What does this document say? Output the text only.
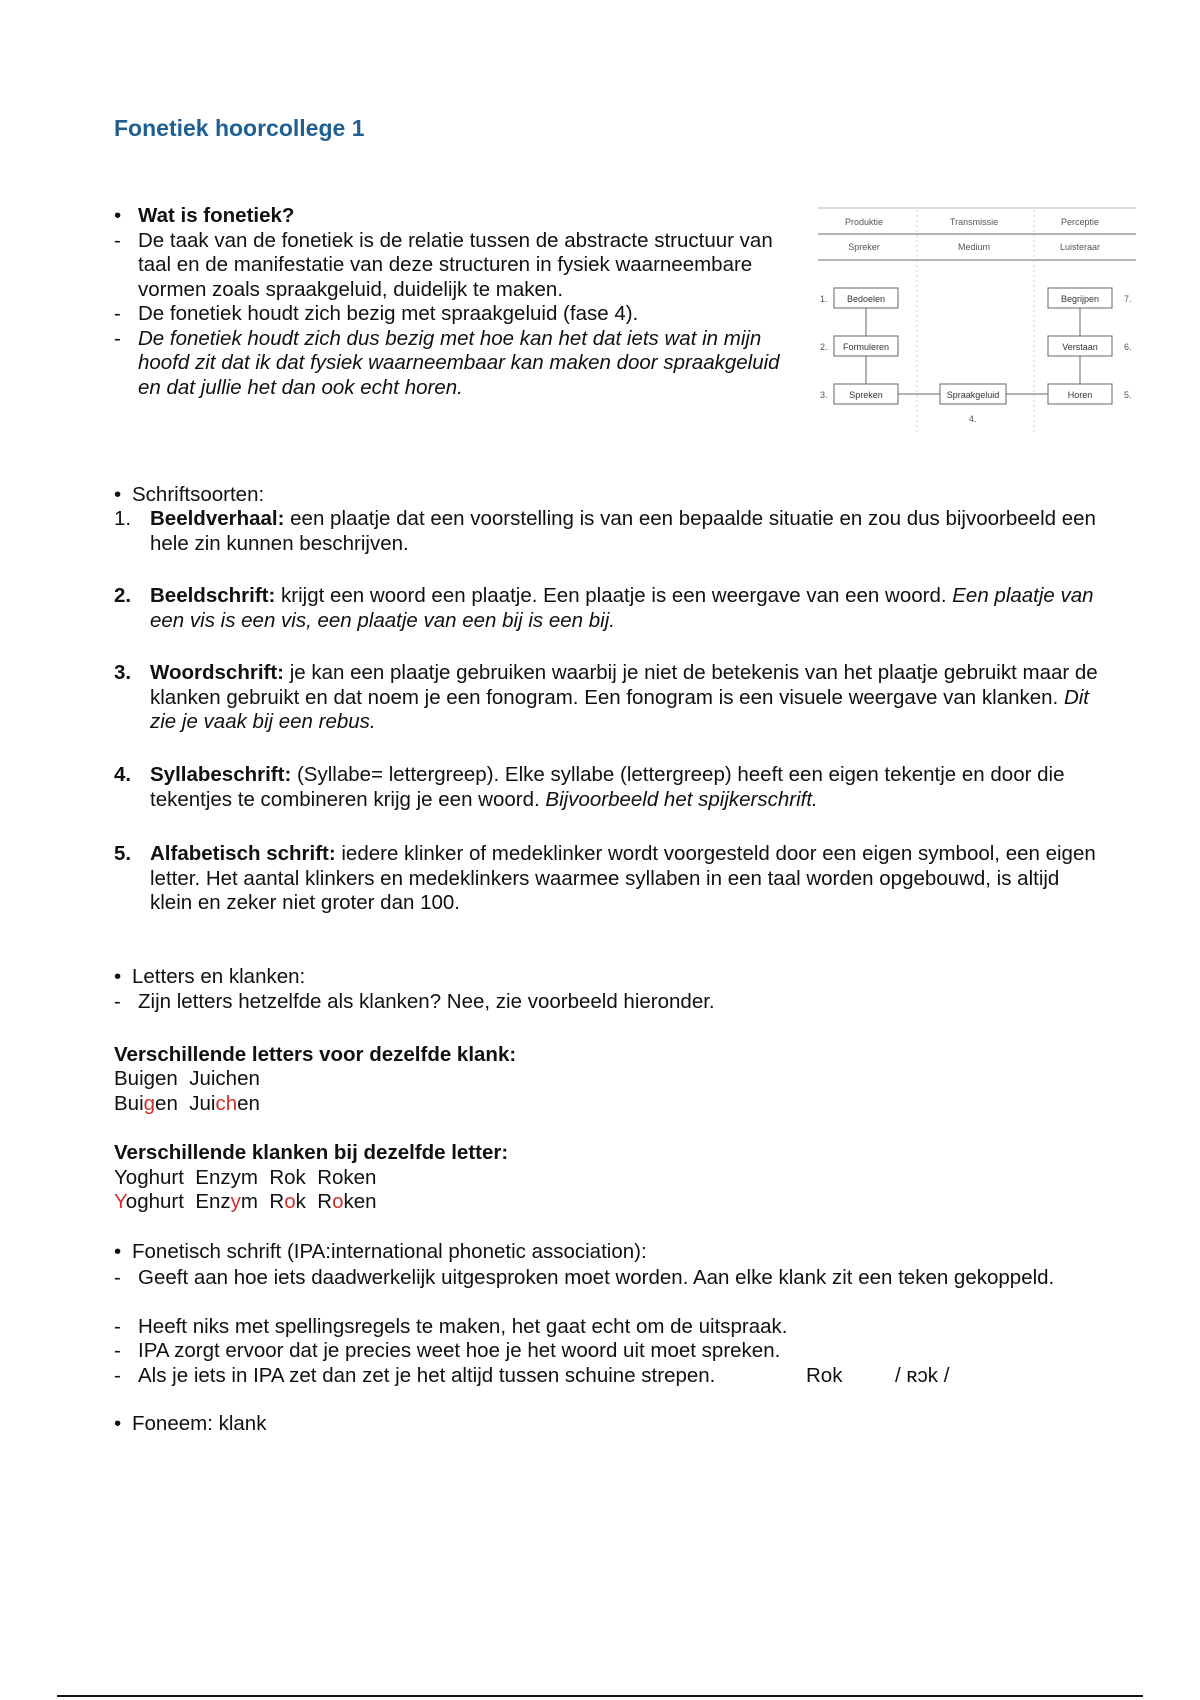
Fonetiek hoorcollege 1
• Wat is fonetiek?
- De taak van de fonetiek is de relatie tussen de abstracte structuur van taal en de manifestatie van deze structuren in fysiek waarneembare vormen zoals spraakgeluid, duidelijk te maken.
- De fonetiek houdt zich bezig met spraakgeluid (fase 4).
- De fonetiek houdt zich dus bezig met hoe kan het dat iets wat in mijn hoofd zit dat ik dat fysiek waarneembaar kan maken door spraakgeluid en dat jullie het dan ook echt horen.
Produktie	Transmissie	Perceptie
Spreker	Medium	Luisteraar
Bedoelen
Formuleren
Spreken	Spraakgeluid	Horen
Verstaan
Begrijpen
1.
2.
3.
4.
5.
6.
7.
• Schriftsoorten:
1. Beeldverhaal: een plaatje dat een voorstelling is van een bepaalde situatie en zou dus bijvoorbeeld een hele zin kunnen beschrijven.
2. Beeldschrift: krijgt een woord een plaatje. Een plaatje is een weergave van een woord. Een plaatje van een vis is een vis, een plaatje van een bij is een bij.
3. Woordschrift: je kan een plaatje gebruiken waarbij je niet de betekenis van het plaatje gebruikt maar de klanken gebruikt en dat noem je een fonogram. Een fonogram is een visuele weergave van klanken. Dit zie je vaak bij een rebus.
4. Syllabeschrift: (Syllabe= lettergreep). Elke syllabe (lettergreep) heeft een eigen tekentje en door die tekentjes te combineren krijg je een woord. Bijvoorbeeld het spijkerschrift.
5. Alfabetisch schrift: iedere klinker of medeklinker wordt voorgesteld door een eigen symbool, een eigen letter. Het aantal klinkers en medeklinkers waarmee syllaben in een taal worden opgebouwd, is altijd klein en zeker niet groter dan 100.
• Letters en klanken:
- Zijn letters hetzelfde als klanken? Nee, zie voorbeeld hieronder.
Verschillende letters voor dezelfde klank:
Buigen  Juichen
Buigen Juichen
Verschillende klanken bij dezelfde letter:
Yoghurt  Enzym  Rok  Roken
Yoghurt Enzym Rok Roken
• Fonetisch schrift (IPA:international phonetic association):
- Geeft aan hoe iets daadwerkelijk uitgesproken moet worden. Aan elke klank zit een teken gekoppeld.
- Heeft niks met spellingsregels te maken, het gaat echt om de uitspraak.
- IPA zorgt ervoor dat je precies weet hoe je het woord uit moet spreken.
- Als je iets in IPA zet dan zet je het altijd tussen schuine strepen.	Rok	/ ʀɔk /
• Foneem: klank
